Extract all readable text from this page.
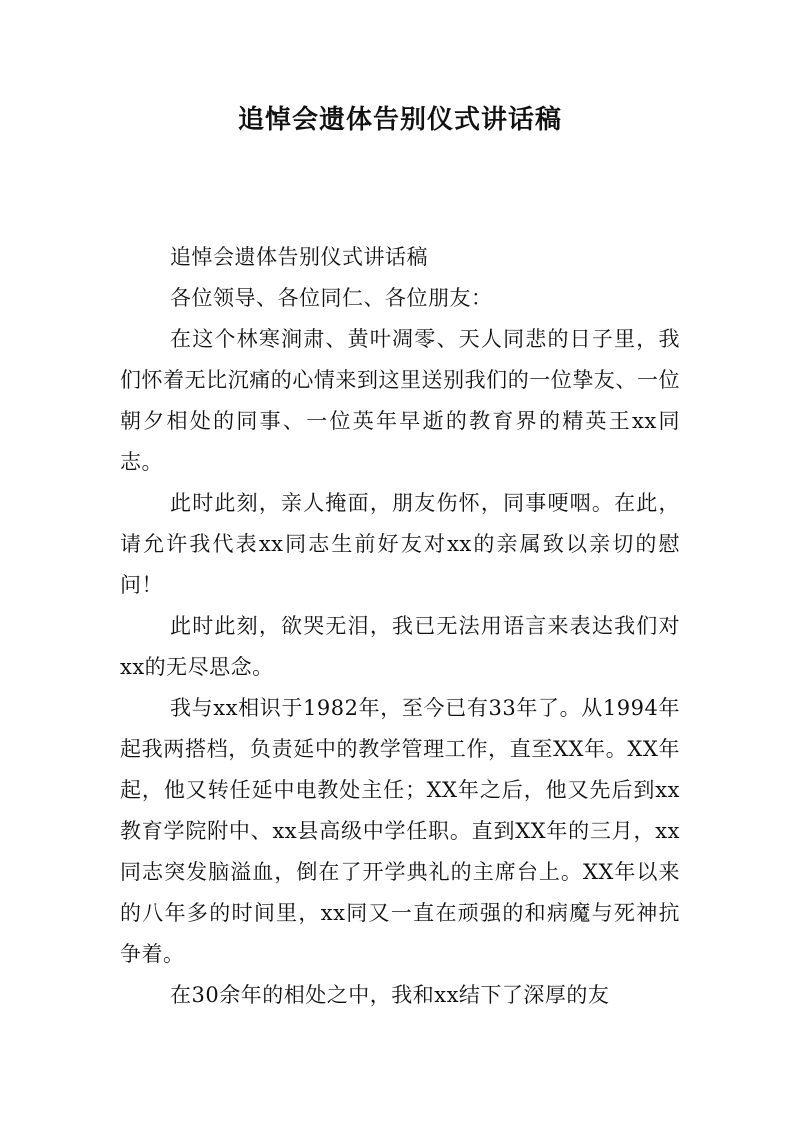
追悼会遗体告别仪式讲话稿

追悼会遗体告别仪式讲话稿

各位领导、各位同仁、各位朋友：

在这个林寒涧肃、黄叶凋零、天人同悲的日子里，我们怀着无比沉痛的心情来到这里送别我们的一位挚友、一位朝夕相处的同事、一位英年早逝的教育界的精英王xx同志。

此时此刻，亲人掩面，朋友伤怀，同事哽咽。在此，请允许我代表xx同志生前好友对xx的亲属致以亲切的慰问！

此时此刻，欲哭无泪，我已无法用语言来表达我们对xx的无尽思念。

我与xx相识于1982年，至今已有33年了。从1994年起我两搭档，负责延中的教学管理工作，直至XX年。XX年起，他又转任延中电教处主任；XX年之后，他又先后到xx教育学院附中、xx县高级中学任职。直到XX年的三月，xx同志突发脑溢血，倒在了开学典礼的主席台上。XX年以来的八年多的时间里，xx同又一直在顽强的和病魔与死神抗争着。

在30余年的相处之中，我和xx结下了深厚的友
